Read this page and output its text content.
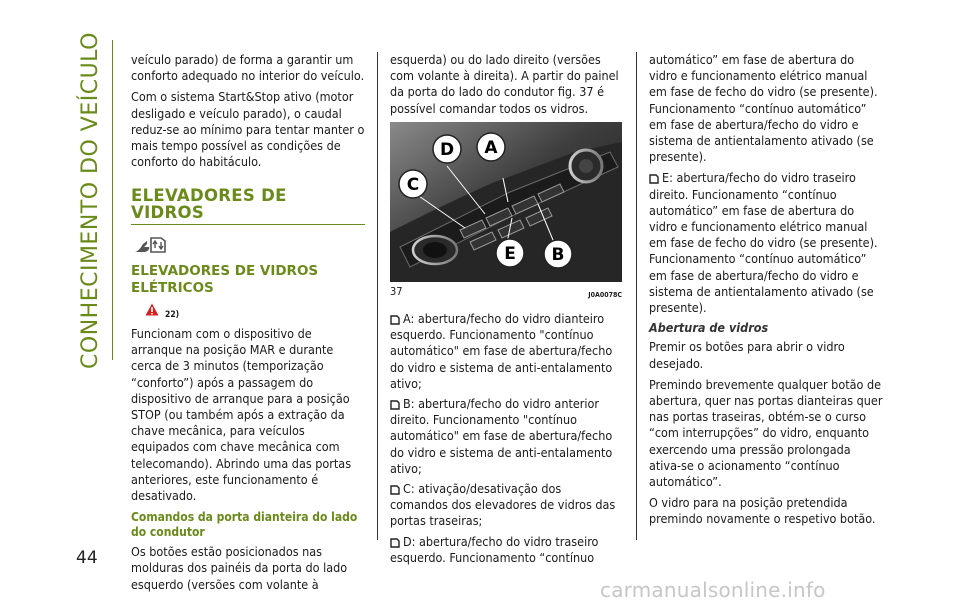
CONHECIMENTO DO VEÍCULO
44

veículo parado) de forma a garantir um conforto adequado no interior do veículo.

Com o sistema Start&Stop ativo (motor desligado e veículo parado), o caudal reduz-se ao mínimo para tentar manter o mais tempo possível as condições de conforto do habitáculo.

ELEVADORES DE VIDROS
ELEVADORES DE VIDROS ELÉTRICOS
22)

Funcionam com o dispositivo de arranque na posição MAR e durante cerca de 3 minutos (temporização “conforto”) após a passagem do dispositivo de arranque para a posição STOP (ou também após a extração da chave mecânica, para veículos equipados com chave mecânica com telecomando). Abrindo uma das portas anteriores, este funcionamento é desativado.

Comandos da porta dianteira do lado do condutor

Os botões estão posicionados nas molduras dos painéis da porta do lado esquerdo (versões com volante à

esquerda) ou do lado direito (versões com volante à direita). A partir do painel da porta do lado do condutor fig. 37 é possível comandar todos os vidros.

D A
C
E B
37	J0A0078C
A: abertura/fecho do vidro dianteiro esquerdo. Funcionamento "contínuo automático" em fase de abertura/fecho do vidro e sistema de anti-entalamento ativo;
B: abertura/fecho do vidro anterior direito. Funcionamento "contínuo automático" em fase de abertura/fecho do vidro e sistema de anti-entalamento ativo;
C: ativação/desativação dos comandos dos elevadores de vidros das portas traseiras;
D: abertura/fecho do vidro traseiro esquerdo. Funcionamento “contínuo

automático” em fase de abertura do vidro e funcionamento elétrico manual em fase de fecho do vidro (se presente). Funcionamento “contínuo automático” em fase de abertura/fecho do vidro e sistema de antientalamento ativado (se presente).

E: abertura/fecho do vidro traseiro direito. Funcionamento “contínuo automático” em fase de abertura do vidro e funcionamento elétrico manual em fase de fecho do vidro (se presente). Funcionamento “contínuo automático” em fase de abertura/fecho do vidro e sistema de antientalamento ativado (se presente).
Abertura de vidros

Premir os botões para abrir o vidro desejado.

Premindo brevemente qualquer botão de abertura, quer nas portas dianteiras quer nas portas traseiras, obtém-se o curso “com interrupções” do vidro, enquanto exercendo uma pressão prolongada ativa-se o acionamento “contínuo automático”.

O vidro para na posição pretendida premindo novamente o respetivo botão.

carmanualsonline.info
